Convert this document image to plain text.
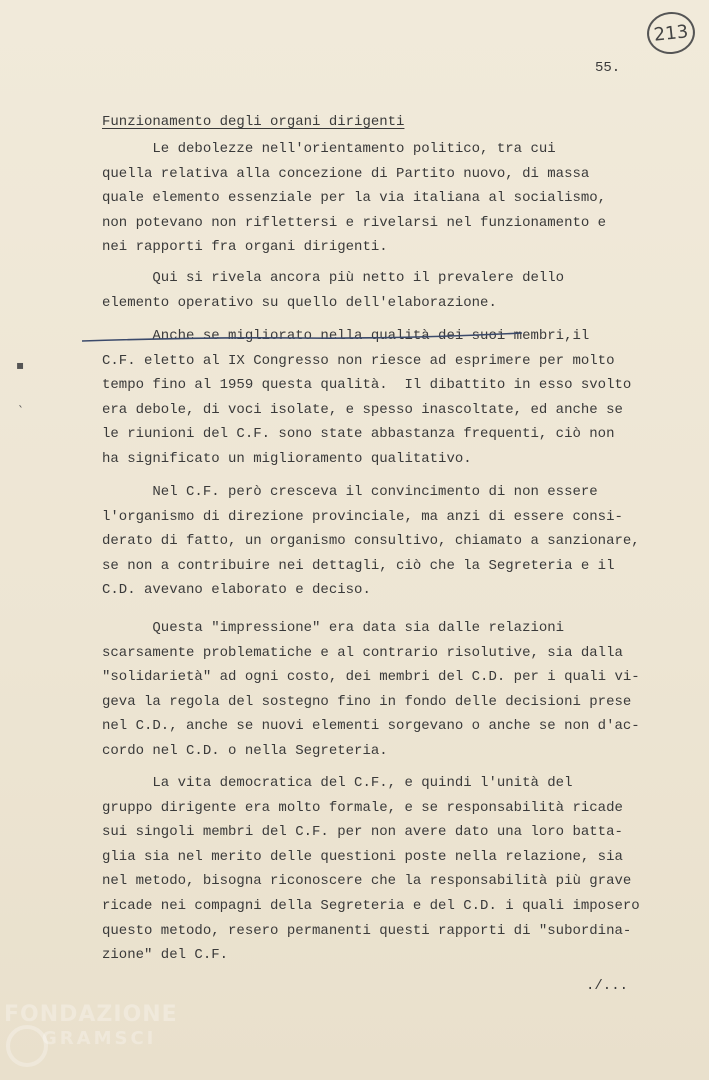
213
55.
Funzionamento degli organi dirigenti
Le debolezze nell'orientamento politico, tra cui
quella relativa alla concezione di Partito nuovo, di massa
quale elemento essenziale per la via italiana al socialismo,
non potevano non riflettersi e rivelarsi nel funzionamento e
nei rapporti fra organi dirigenti.
Qui si rivela ancora più netto il prevalere dello
elemento operativo su quello dell'elaborazione.
Anche se migliorato nella qualità dei suoi membri,il
C.F. eletto al IX Congresso non riesce ad esprimere per molto
tempo fino al 1959 questa qualità.  Il dibattito in esso svolto
era debole, di voci isolate, e spesso inascoltate, ed anche se
le riunioni del C.F. sono state abbastanza frequenti, ciò non
ha significato un miglioramento qualitativo.
▪
`
Nel C.F. però cresceva il convincimento di non essere
l'organismo di direzione provinciale, ma anzi di essere consi-
derato di fatto, un organismo consultivo, chiamato a sanzionare,
se non a contribuire nei dettagli, ciò che la Segreteria e il
C.D. avevano elaborato e deciso.
Questa "impressione" era data sia dalle relazioni
scarsamente problematiche e al contrario risolutive, sia dalla
"solidarietà" ad ogni costo, dei membri del C.D. per i quali vi-
geva la regola del sostegno fino in fondo delle decisioni prese
nel C.D., anche se nuovi elementi sorgevano o anche se non d'ac-
cordo nel C.D. o nella Segreteria.
La vita democratica del C.F., e quindi l'unità del
gruppo dirigente era molto formale, e se responsabilità ricade
sui singoli membri del C.F. per non avere dato una loro batta-
glia sia nel merito delle questioni poste nella relazione, sia
nel metodo, bisogna riconoscere che la responsabilità più grave
ricade nei compagni della Segreteria e del C.D. i quali imposero
questo metodo, resero permanenti questi rapporti di "subordina-
zione" del C.F.
./...
FONDAZIONE
GRAMSCI
